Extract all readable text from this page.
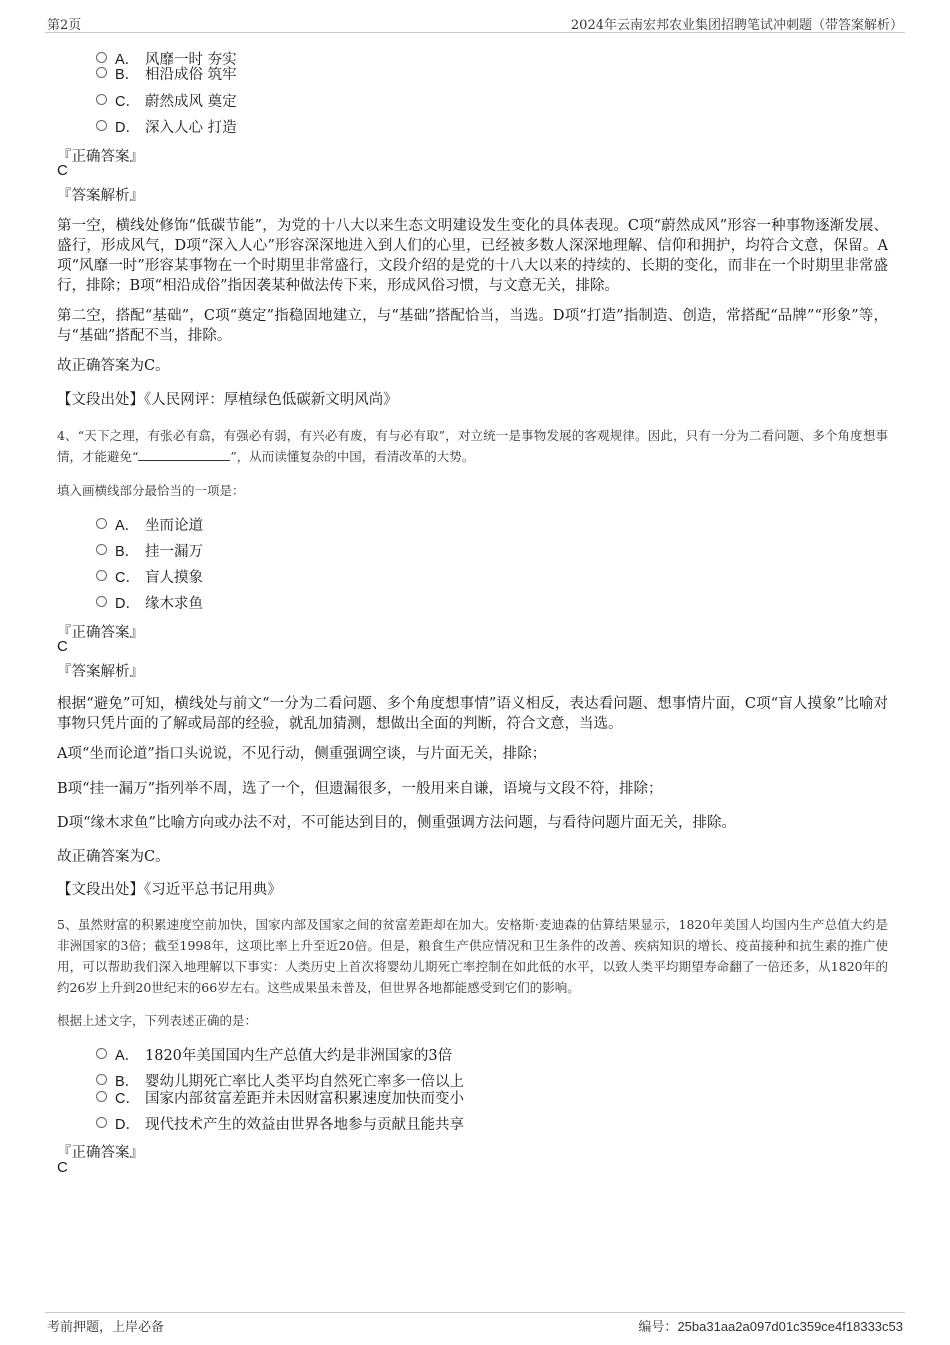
第2页	2024年云南宏邦农业集团招聘笔试冲刺题（带答案解析）
A． 风靡一时 夯实
B． 相沿成俗 筑牢
C． 蔚然成风 奠定
D． 深入人心 打造
『正确答案』
C
『答案解析』
第一空，横线处修饰“低碳节能”，为党的十八大以来生态文明建设发生变化的具体表现。C项“蔚然成风”形容一种事物逐渐发展、盛行，形成风气，D项“深入人心”形容深深地进入到人们的心里，已经被多数人深深地理解、信仰和拥护，均符合文意，保留。A项“风靡一时”形容某事物在一个时期里非常盛行，文段介绍的是党的十八大以来的持续的、长期的变化，而非在一个时期里非常盛行，排除；B项“相沿成俗”指因袭某种做法传下来，形成风俗习惯，与文意无关，排除。
第二空，搭配“基础”，C项“奠定”指稳固地建立，与“基础”搭配恰当，当选。D项“打造”指制造、创造，常搭配“品牌”“形象”等，与“基础”搭配不当，排除。
故正确答案为C。
【文段出处】《人民网评：厚植绿色低碳新文明风尚》
4、“天下之理，有张必有翕，有强必有弱，有兴必有废，有与必有取”，对立统一是事物发展的客观规律。因此，只有一分为二看问题、多个角度想事情，才能避免“	”，从而读懂复杂的中国，看清改革的大势。
填入画横线部分最恰当的一项是：
A． 坐而论道
B． 挂一漏万
C． 盲人摸象
D． 缘木求鱼
『正确答案』
C
『答案解析』
根据“避免”可知，横线处与前文“一分为二看问题、多个角度想事情”语义相反，表达看问题、想事情片面，C项“盲人摸象”比喻对事物只凭片面的了解或局部的经验，就乱加猜测，想做出全面的判断，符合文意，当选。
A项“坐而论道”指口头说说，不见行动，侧重强调空谈，与片面无关，排除；
B项“挂一漏万”指列举不周，选了一个，但遗漏很多，一般用来自谦，语境与文段不符，排除；
D项“缘木求鱼”比喻方向或办法不对，不可能达到目的，侧重强调方法问题，与看待问题片面无关，排除。
故正确答案为C。
【文段出处】《习近平总书记用典》
5、虽然财富的积累速度空前加快，国家内部及国家之间的贫富差距却在加大。安格斯·麦迪森的估算结果显示，1820年美国人均国内生产总值大约是非洲国家的3倍；截至1998年，这项比率上升至近20倍。但是，粮食生产供应情况和卫生条件的改善、疾病知识的增长、疫苗接种和抗生素的推广使用，可以帮助我们深入地理解以下事实：人类历史上首次将婴幼儿期死亡率控制在如此低的水平，以致人类平均期望寿命翻了一倍还多，从1820年的约26岁上升到20世纪末的66岁左右。这些成果虽未普及，但世界各地都能感受到它们的影响。
根据上述文字，下列表述正确的是：
A． 1820年美国国内生产总值大约是非洲国家的3倍
B． 婴幼儿期死亡率比人类平均自然死亡率多一倍以上
C． 国家内部贫富差距并未因财富积累速度加快而变小
D． 现代技术产生的效益由世界各地参与贡献且能共享
『正确答案』
C
考前押题，上岸必备	编号：25ba31aa2a097d01c359ce4f18333c53
